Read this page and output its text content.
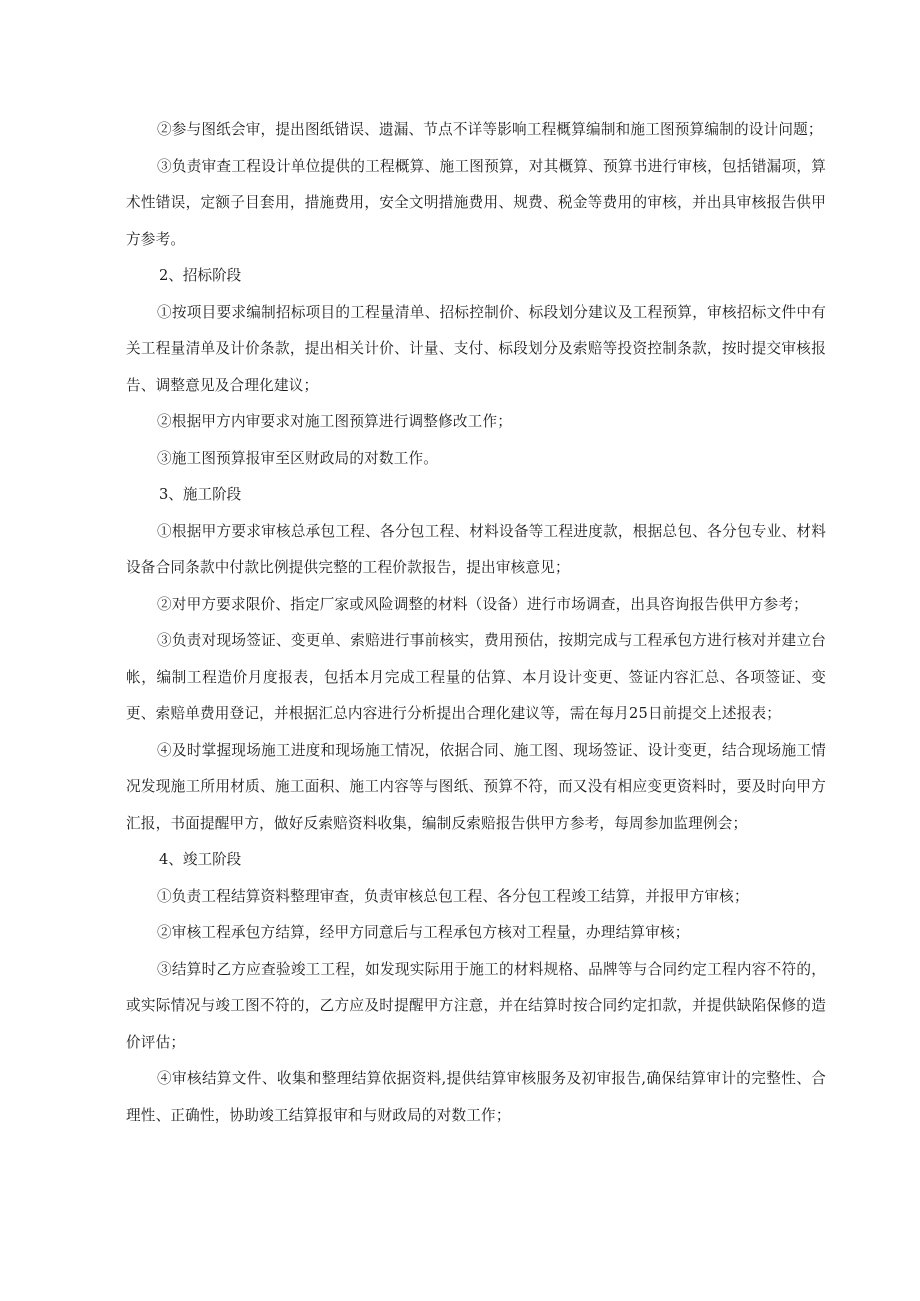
②参与图纸会审，提出图纸错误、遗漏、节点不详等影响工程概算编制和施工图预算编制的设计问题；

③负责审查工程设计单位提供的工程概算、施工图预算，对其概算、预算书进行审核，包括错漏项，算术性错误，定额子目套用，措施费用，安全文明措施费用、规费、税金等费用的审核，并出具审核报告供甲方参考。

2、招标阶段

①按项目要求编制招标项目的工程量清单、招标控制价、标段划分建议及工程预算，审核招标文件中有关工程量清单及计价条款，提出相关计价、计量、支付、标段划分及索赔等投资控制条款，按时提交审核报告、调整意见及合理化建议；

②根据甲方内审要求对施工图预算进行调整修改工作；

③施工图预算报审至区财政局的对数工作。

3、施工阶段

①根据甲方要求审核总承包工程、各分包工程、材料设备等工程进度款，根据总包、各分包专业、材料设备合同条款中付款比例提供完整的工程价款报告，提出审核意见；

②对甲方要求限价、指定厂家或风险调整的材料（设备）进行市场调查，出具咨询报告供甲方参考；

③负责对现场签证、变更单、索赔进行事前核实，费用预估，按期完成与工程承包方进行核对并建立台帐，编制工程造价月度报表，包括本月完成工程量的估算、本月设计变更、签证内容汇总、各项签证、变更、索赔单费用登记，并根据汇总内容进行分析提出合理化建议等，需在每月25日前提交上述报表；

④及时掌握现场施工进度和现场施工情况，依据合同、施工图、现场签证、设计变更，结合现场施工情况发现施工所用材质、施工面积、施工内容等与图纸、预算不符，而又没有相应变更资料时，要及时向甲方汇报，书面提醒甲方，做好反索赔资料收集，编制反索赔报告供甲方参考，每周参加监理例会；

4、竣工阶段

①负责工程结算资料整理审查，负责审核总包工程、各分包工程竣工结算，并报甲方审核；

②审核工程承包方结算，经甲方同意后与工程承包方核对工程量，办理结算审核；

③结算时乙方应查验竣工工程，如发现实际用于施工的材料规格、品牌等与合同约定工程内容不符的，或实际情况与竣工图不符的，乙方应及时提醒甲方注意，并在结算时按合同约定扣款，并提供缺陷保修的造价评估；

④审核结算文件、收集和整理结算依据资料,提供结算审核服务及初审报告,确保结算审计的完整性、合理性、正确性，协助竣工结算报审和与财政局的对数工作；
